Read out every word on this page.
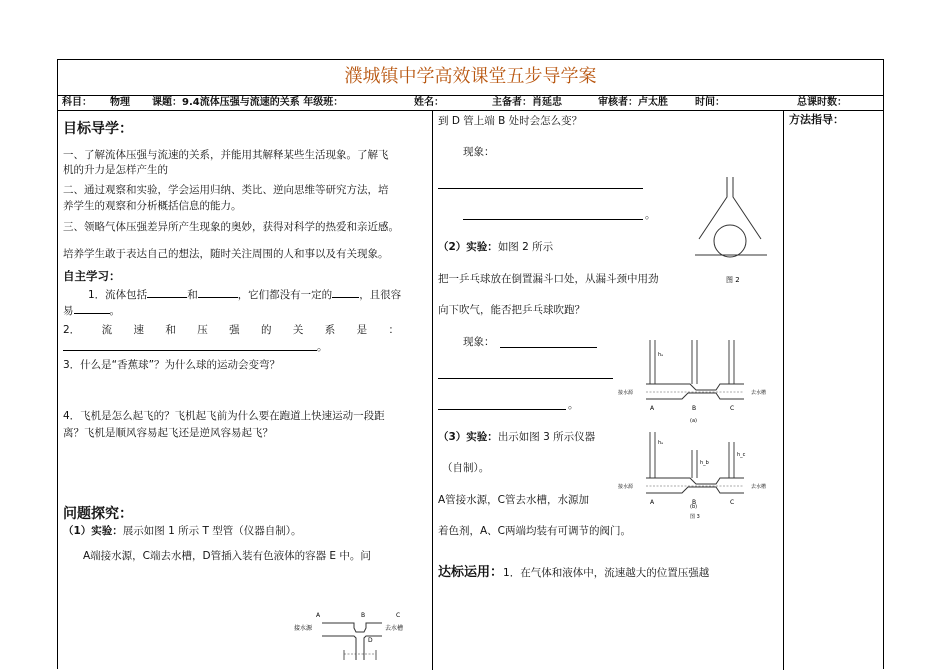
濮城镇中学高效课堂五步导学案
科目： 物理 课题：9.4流体压强与流速的关系 年级班：	姓名：	主备者：肖延忠	审核者：卢太胜	时间：	总课时数：
目标导学：
一、了解流体压强与流速的关系，并能用其解释某些生活现象。了解飞
机的升力是怎样产生的
二、通过观察和实验，学会运用归纳、类比、逆向思维等研究方法，培
养学生的观察和分析概括信息的能力。
三、领略气体压强差异所产生现象的奥妙，获得对科学的热爱和亲近感。
培养学生敢于表达自己的想法，随时关注周围的人和事以及有关现象。
自主学习：
1．流体包括	和	，它们都没有一定的	，且很容
易	。
2． 流 速 和 压 强 的 关 系 是 ：
。
3．什么是“香蕉球”？为什么球的运动会变弯？
4．飞机是怎么起飞的？飞机起飞前为什么要在跑道上快速运动一段距
离？飞机是顺风容易起飞还是逆风容易起飞？
问题探究：
（1）实验：展示如图 1 所示 T 型管（仪器自制）。
A端接水源，C端去水槽，D管插入装有色液体的容器 E 中。问
A	B	C
接水源	去水槽
D
到 D 管上端 B 处时会怎么变？
现象：
。
（2）实验：如图 2 所示
把一乒乓球放在倒置漏斗口处，从漏斗颈中用劲
向下吹气，能否把乒乓球吹跑？
图 2
现象：
。
（3）实验：出示如图 3 所示仪器
（自制）。
A管接水源，C管去水槽，水源加
着色剂，A、C两端均装有可调节的阀门。
hₐ
接水源	去水槽
A	B	C
(a)
hₐ
h_b
h_c
接水源	去水槽
A	B	C
(b)
图 3
达标运用：1．在气体和液体中，流速越大的位置压强越
方法指导：
